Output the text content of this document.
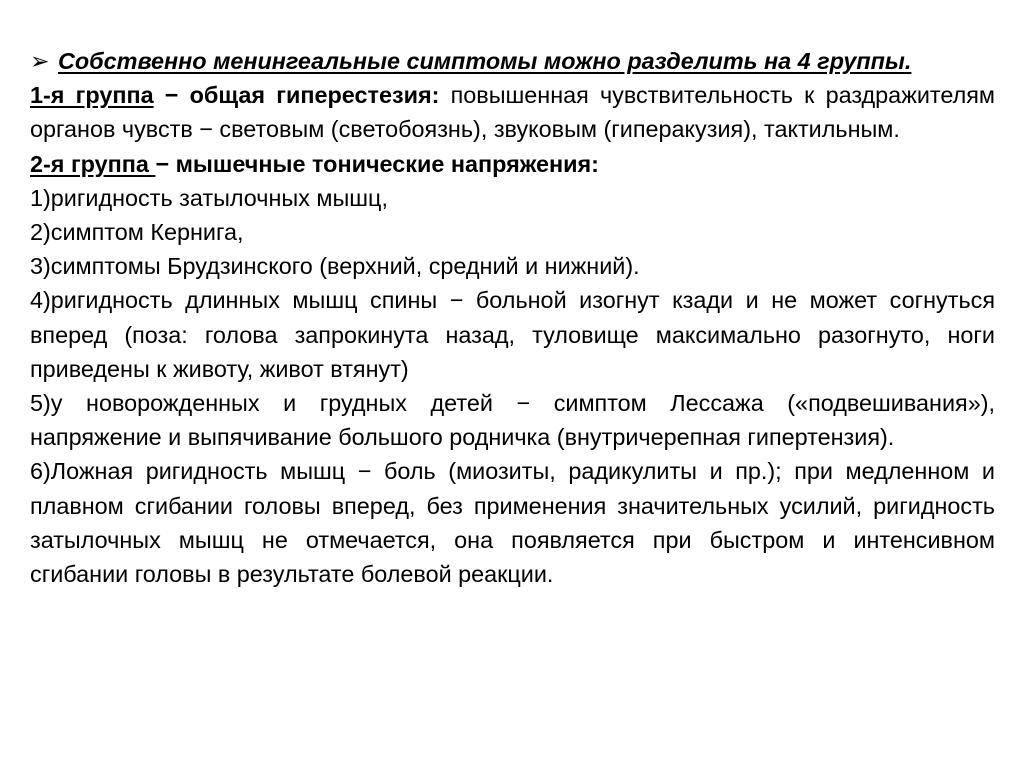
➢ Собственно менингеальные симптомы можно разделить на 4 группы.

1-я группа − общая гиперестезия: повышенная чувствительность к раздражителям органов чувств − световым (светобоязнь), звуковым (гиперакузия), тактильным.

2-я группа − мышечные тонические напряжения:

1)ригидность затылочных мышц,

2)симптом Кернига,

3)симптомы Брудзинского (верхний, средний и нижний).

4)ригидность длинных мышц спины − больной изогнут кзади и не может согнуться вперед (поза: голова запрокинута назад, туловище максимально разогнуто, ноги приведены к животу, живот втянут)

5)у новорожденных и грудных детей − симптом Лессажа («подвешивания»), напряжение и выпячивание большого родничка (внутричерепная гипертензия).

6)Ложная ригидность мышц − боль (миозиты, радикулиты и пр.); при медленном и плавном сгибании головы вперед, без применения значительных усилий, ригидность затылочных мышц не отмечается, она появляется при быстром и интенсивном сгибании головы в результате болевой реакции.
